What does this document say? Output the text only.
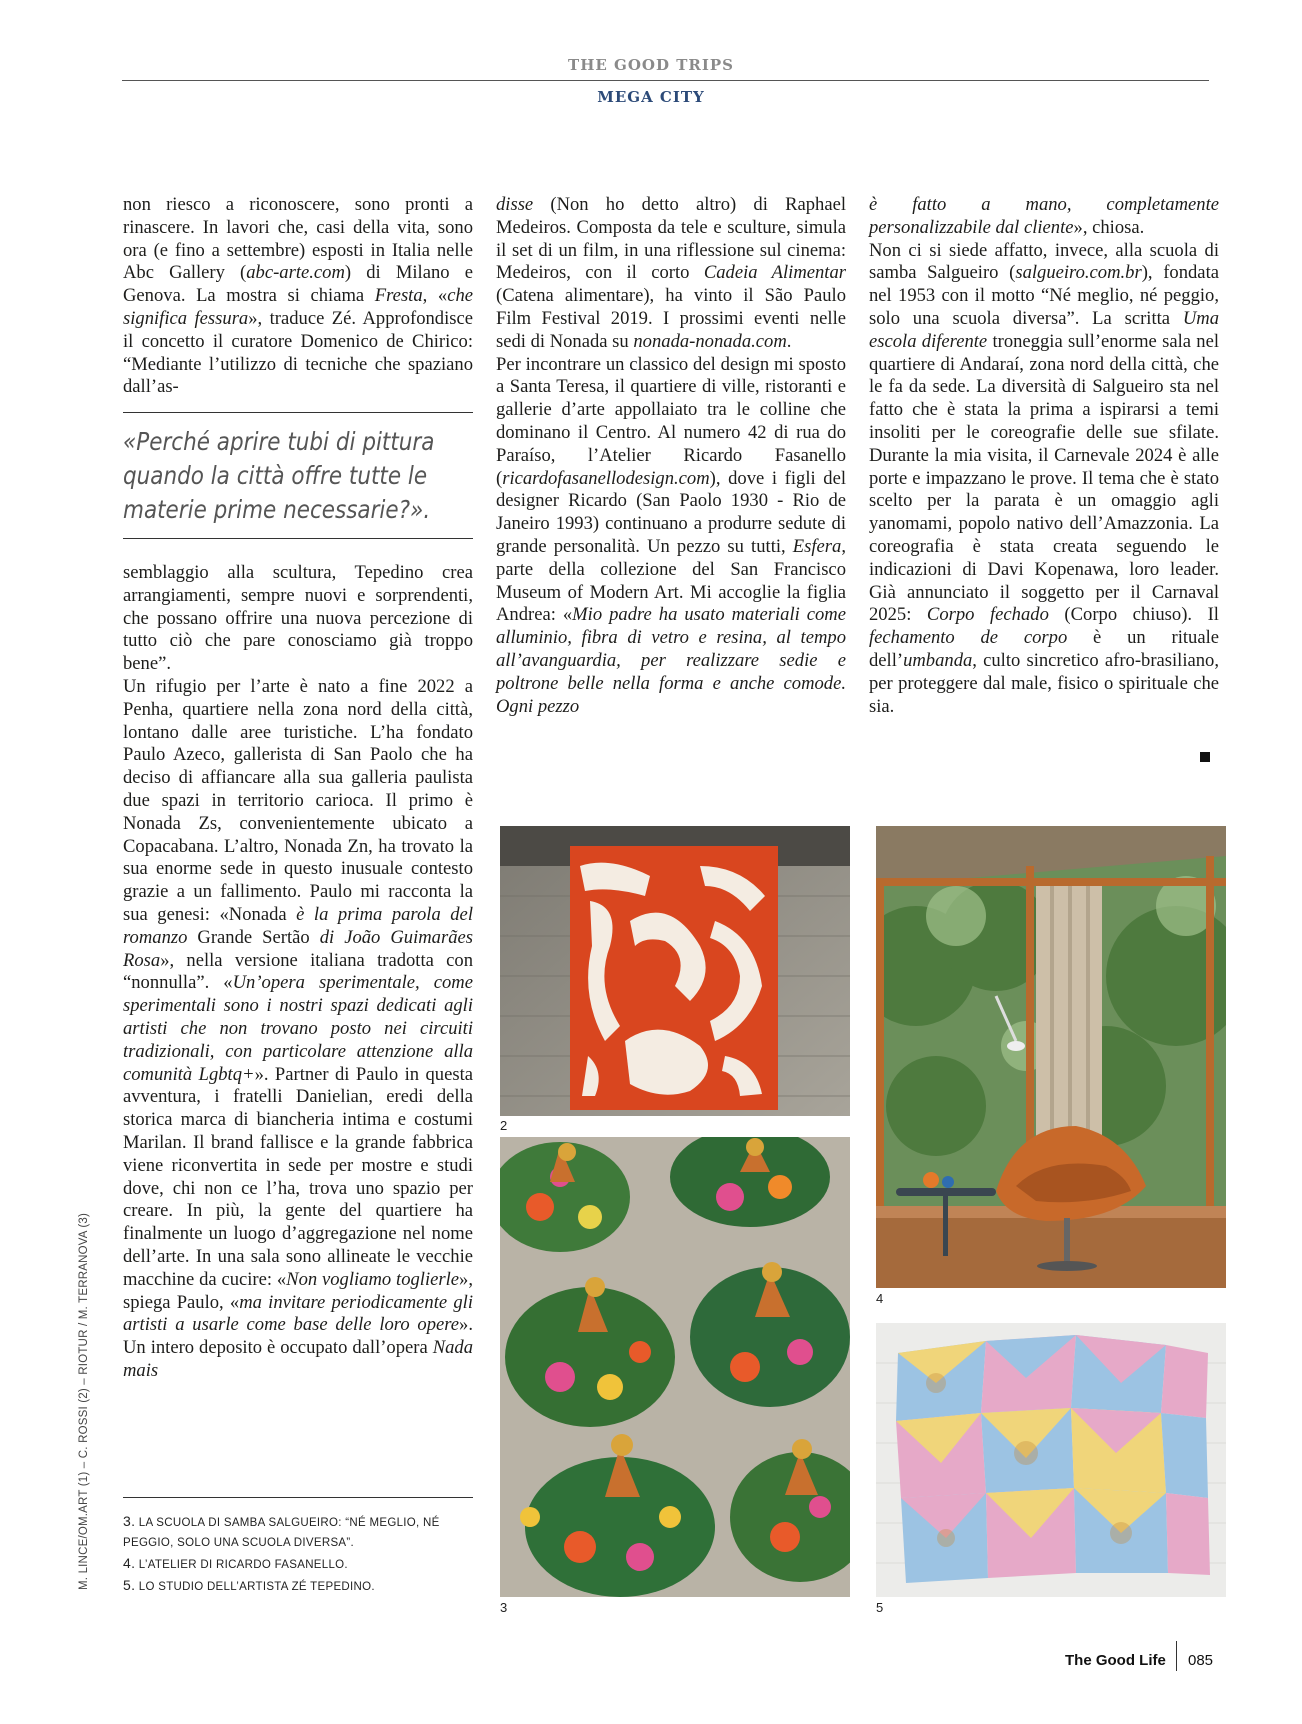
THE GOOD TRIPS
MEGA CITY

non riesco a riconoscere, sono pronti a rinascere. In lavori che, casi della vita, sono ora (e fino a settembre) esposti in Italia nelle Abc Gallery (abc-arte.com) di Milano e Genova. La mostra si chiama Fresta, «che significa fessura», traduce Zé. Approfondisce il concetto il curatore Domenico de Chirico: “Mediante l’utilizzo di tecniche che spaziano dall’as-

«Perché aprire tubi di pittura quando la città offre tutte le materie prime necessarie?».

semblaggio alla scultura, Tepedino crea arrangiamenti, sempre nuovi e sorprendenti, che possano offrire una nuova percezione di tutto ciò che pare conosciamo già troppo bene”.

Un rifugio per l’arte è nato a fine 2022 a Penha, quartiere nella zona nord della città, lontano dalle aree turistiche. L’ha fondato Paulo Azeco, gallerista di San Paolo che ha deciso di affiancare alla sua galleria paulista due spazi in territorio carioca. Il primo è Nonada Zs, convenientemente ubicato a Copacabana. L’altro, Nonada Zn, ha trovato la sua enorme sede in questo inusuale contesto grazie a un fallimento. Paulo mi racconta la sua genesi: «Nonada è la prima parola del romanzo Grande Sertão di João Guimarães Rosa», nella versione italiana tradotta con “nonnulla”. «Un’opera sperimentale, come sperimentali sono i nostri spazi dedicati agli artisti che non trovano posto nei circuiti tradizionali, con particolare attenzione alla comunità Lgbtq+». Partner di Paulo in questa avventura, i fratelli Danielian, eredi della storica marca di biancheria intima e costumi Marilan. Il brand fallisce e la grande fabbrica viene riconvertita in sede per mostre e studi dove, chi non ce l’ha, trova uno spazio per creare. In più, la gente del quartiere ha finalmente un luogo d’aggregazione nel nome dell’arte. In una sala sono allineate le vecchie macchine da cucire: «Non vogliamo toglierle», spiega Paulo, «ma invitare periodicamente gli artisti a usarle come base delle loro opere». Un intero deposito è occupato dall’opera Nada mais

disse (Non ho detto altro) di Raphael Medeiros. Composta da tele e sculture, simula il set di un film, in una riflessione sul cinema: Medeiros, con il corto Cadeia Alimentar (Catena alimentare), ha vinto il São Paulo Film Festival 2019. I prossimi eventi nelle sedi di Nonada su nonada-nonada.com.

Per incontrare un classico del design mi sposto a Santa Teresa, il quartiere di ville, ristoranti e gallerie d’arte appollaiato tra le colline che dominano il Centro. Al numero 42 di rua do Paraíso, l’Atelier Ricardo Fasanello (ricardofasanellodesign.com), dove i figli del designer Ricardo (San Paolo 1930 - Rio de Janeiro 1993) continuano a produrre sedute di grande personalità. Un pezzo su tutti, Esfera, parte della collezione del San Francisco Museum of Modern Art. Mi accoglie la figlia Andrea: «Mio padre ha usato materiali come alluminio, fibra di vetro e resina, al tempo all’avanguardia, per realizzare sedie e poltrone belle nella forma e anche comode. Ogni pezzo

è fatto a mano, completamente personalizzabile dal cliente», chiosa.

Non ci si siede affatto, invece, alla scuola di samba Salgueiro (salgueiro.com.br), fondata nel 1953 con il motto “Né meglio, né peggio, solo una scuola diversa”. La scritta Uma escola diferente troneggia sull’enorme sala nel quartiere di Andaraí, zona nord della città, che le fa da sede. La diversità di Salgueiro sta nel fatto che è stata la prima a ispirarsi a temi insoliti per le coreografie delle sue sfilate. Durante la mia visita, il Carnevale 2024 è alle porte e impazzano le prove. Il tema che è stato scelto per la parata è un omaggio agli yanomami, popolo nativo dell’Amazzonia. La coreografia è stata creata seguendo le indicazioni di Davi Kopenawa, loro leader. Già annunciato il soggetto per il Carnaval 2025: Corpo fechado (Corpo chiuso). Il fechamento de corpo è un rituale dell’umbanda, culto sincretico afro-brasiliano, per proteggere dal male, fisico o spirituale che sia.

2
3
4
5
3. LA SCUOLA DI SAMBA SALGUEIRO: “NÉ MEGLIO, NÉ PEGGIO, SOLO UNA SCUOLA DIVERSA”.
4. L’ATELIER DI RICARDO FASANELLO.
5. LO STUDIO DELL’ARTISTA ZÉ TEPEDINO.
M. LINCE/OM.ART (1) – C. ROSSI (2) – RIOTUR / M. TERRANOVA (3)
The Good Life 085
